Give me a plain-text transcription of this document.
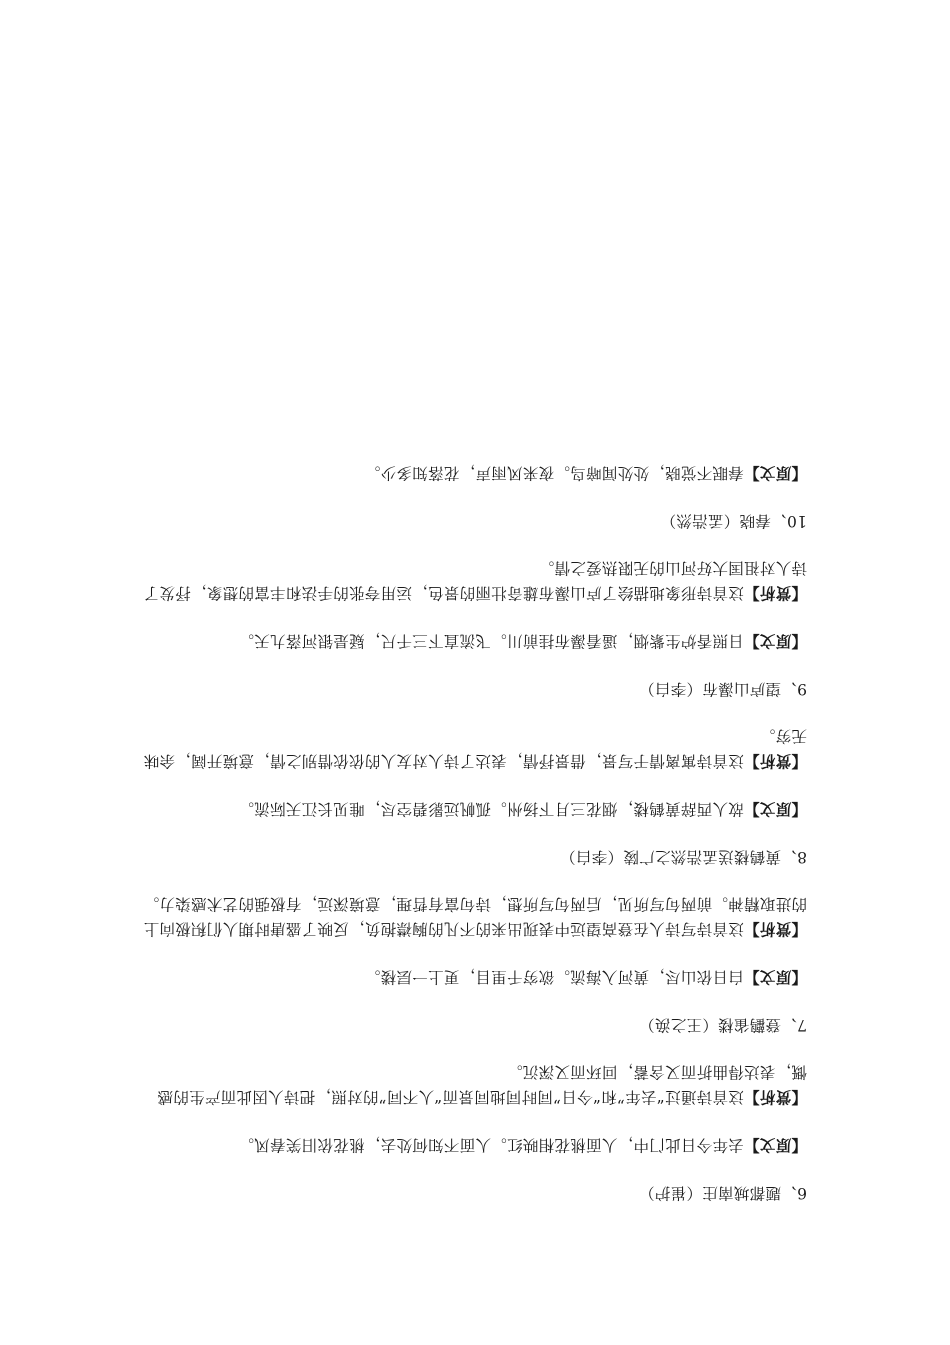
6、题都城南庄（崔护）

【原文】去年今日此门中，人面桃花相映红。人面不知何处去，桃花依旧笑春风。

【赏析】这首诗通过“去年”和“今日”同时同地同景而“人不同”的对照，把诗人因此而产生的感慨，表达得曲折而又含蓄，回环而又深沉。

7、登鹳雀楼（王之涣）

【原文】白日依山尽，黄河入海流。欲穷千里目，更上一层楼。

【赏析】这首诗写诗人在登高望远中表现出来的不凡的胸襟抱负，反映了盛唐时期人们积极向上的进取精神。前两句写所见，后两句写所想，诗句富有哲理，意境深远，有极强的艺术感染力。

8、黄鹤楼送孟浩然之广陵（李白）

【原文】故人西辞黄鹤楼，烟花三月下扬州。孤帆远影碧空尽，唯见长江天际流。

【赏析】这首诗寓离情于写景，借景抒情，表达了诗人对友人的依依惜别之情，意境开阔，余味无穷。

9、望庐山瀑布（李白）

【原文】日照香炉生紫烟，遥看瀑布挂前川。飞流直下三千尺，疑是银河落九天。

【赏析】这首诗形象地描绘了庐山瀑布雄奇壮丽的景色，运用夸张的手法和丰富的想象，抒发了诗人对祖国大好河山的无限热爱之情。

10、春晓（孟浩然）

【原文】春眠不觉晓，处处闻啼鸟。夜来风雨声，花落知多少。
